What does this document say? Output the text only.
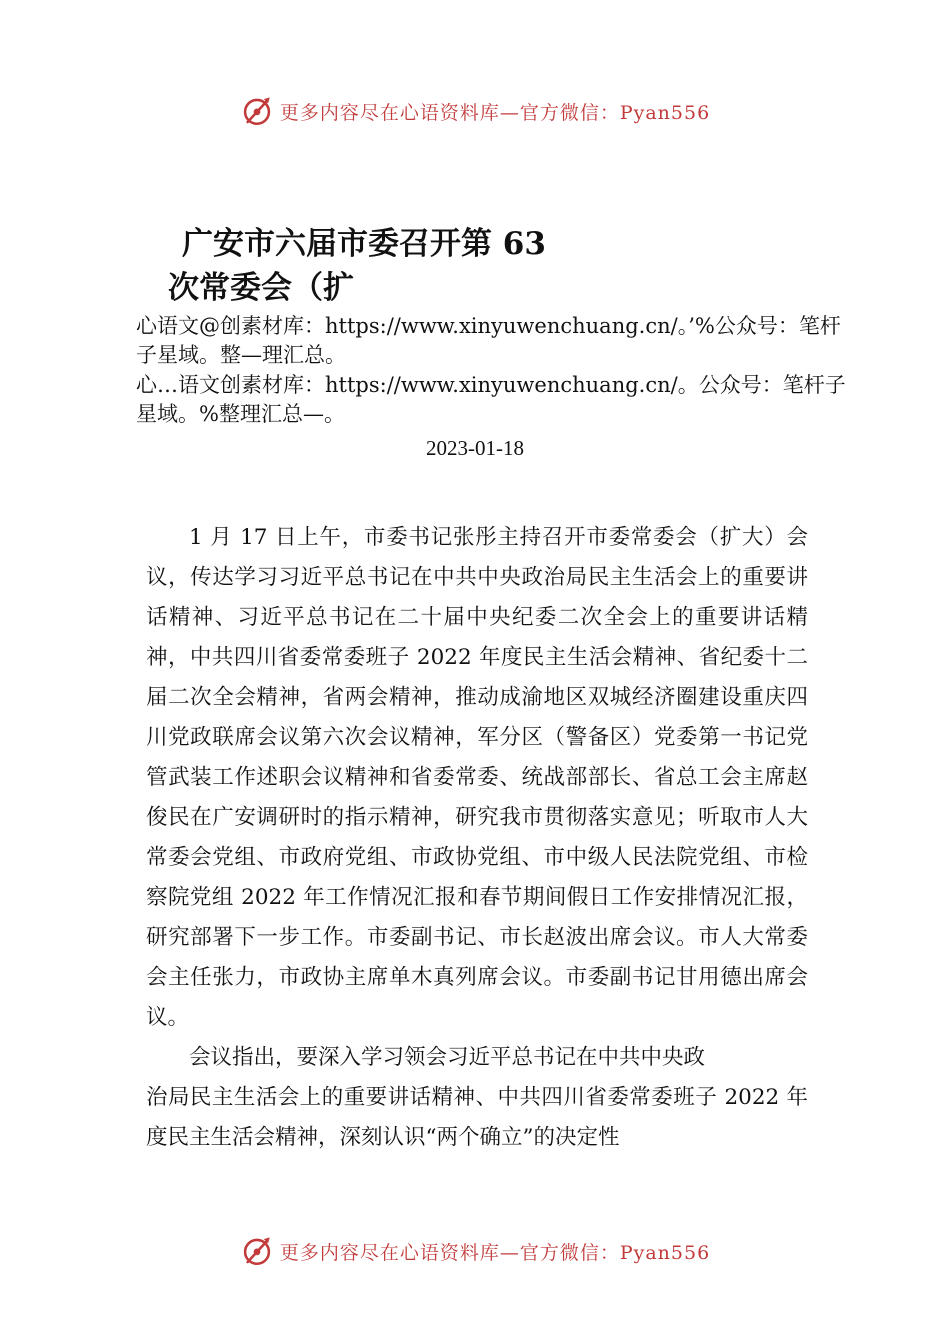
更多内容尽在心语资料库—官方微信：Pyan556
广安市六届市委召开第 63
次常委会（扩
心语文@创素材库：https://www.xinyuwenchuang.cn/。’%公众号：笔杆子星域。整—理汇总。
心…语文创素材库：https://www.xinyuwenchuang.cn/。公众号：笔杆子星域。%整理汇总—。
2023-01-18

1 月 17 日上午，市委书记张彤主持召开市委常委会（扩大）会议，传达学习习近平总书记在中共中央政治局民主生活会上的重要讲话精神、习近平总书记在二十届中央纪委二次全会上的重要讲话精神，中共四川省委常委班子 2022 年度民主生活会精神、省纪委十二届二次全会精神，省两会精神，推动成渝地区双城经济圈建设重庆四川党政联席会议第六次会议精神，军分区（警备区）党委第一书记党管武装工作述职会议精神和省委常委、统战部部长、省总工会主席赵俊民在广安调研时的指示精神，研究我市贯彻落实意见；听取市人大常委会党组、市政府党组、市政协党组、市中级人民法院党组、市检察院党组 2022 年工作情况汇报和春节期间假日工作安排情况汇报，研究部署下一步工作。市委副书记、市长赵波出席会议。市人大常委会主任张力，市政协主席单木真列席会议。市委副书记甘用德出席会议。

会议指出，要深入学习领会习近平总书记在中共中央政

治局民主生活会上的重要讲话精神、中共四川省委常委班子 2022 年度民主生活会精神，深刻认识“两个确立”的决定性

更多内容尽在心语资料库—官方微信：Pyan556
